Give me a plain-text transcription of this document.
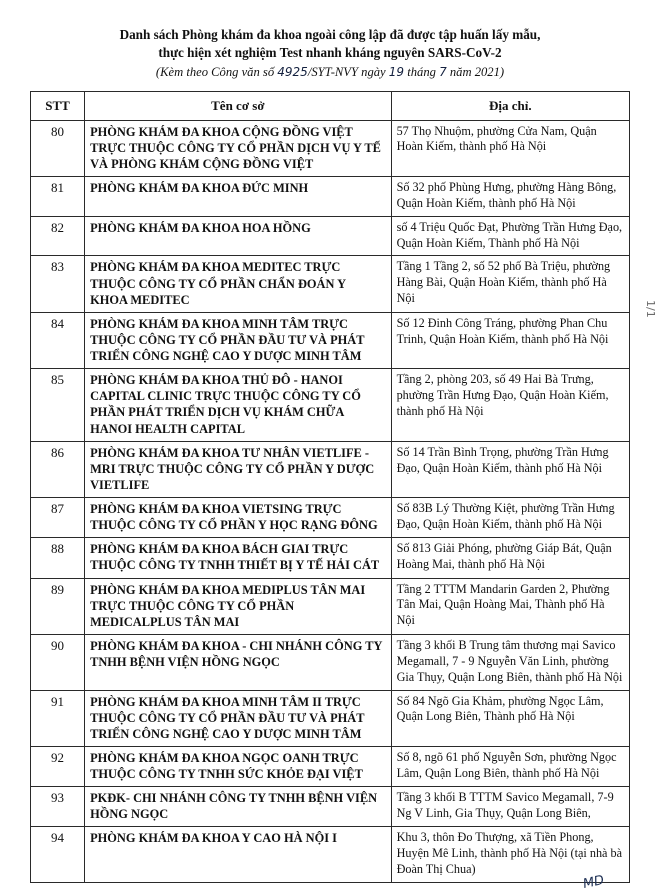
Danh sách Phòng khám đa khoa ngoài công lập đã được tập huấn lấy mẫu,
thực hiện xét nghiệm Test nhanh kháng nguyên SARS-CoV-2
(Kèm theo Công văn số 4925/SYT-NVY ngày 19 tháng 7 năm 2021)
STT	Tên cơ sở	Địa chỉ.
80	PHÒNG KHÁM ĐA KHOA CỘNG ĐỒNG VIỆT TRỰC THUỘC CÔNG TY CỔ PHẦN DỊCH VỤ Y TẾ VÀ PHÒNG KHÁM CỘNG ĐỒNG VIỆT	57 Thọ Nhuộm, phường Cửa Nam, Quận Hoàn Kiếm, thành phố Hà Nội
81	PHÒNG KHÁM ĐA KHOA ĐỨC MINH	Số 32 phố Phùng Hưng, phường Hàng Bông, Quận Hoàn Kiếm, thành phố Hà Nội
82	PHÒNG KHÁM ĐA KHOA HOA HỒNG	số 4 Triệu Quốc Đạt, Phường Trần Hưng Đạo, Quận Hoàn Kiếm, Thành phố Hà Nội
83	PHÒNG KHÁM ĐA KHOA MEDITEC TRỰC THUỘC CÔNG TY CỔ PHẦN CHẨN ĐOÁN Y KHOA MEDITEC	Tầng 1 Tầng 2, số 52 phố Bà Triệu, phường Hàng Bài, Quận Hoàn Kiếm, thành phố Hà Nội
84	PHÒNG KHÁM ĐA KHOA MINH TÂM TRỰC THUỘC CÔNG TY CỔ PHẦN ĐẦU TƯ VÀ PHÁT TRIỂN CÔNG NGHỆ CAO Y DƯỢC MINH TÂM	Số 12 Đinh Công Tráng, phường Phan Chu Trinh, Quận Hoàn Kiếm, thành phố Hà Nội
85	PHÒNG KHÁM ĐA KHOA THỦ ĐÔ - HANOI CAPITAL CLINIC TRỰC THUỘC CÔNG TY CỔ PHẦN PHÁT TRIỂN DỊCH VỤ KHÁM CHỮA HANOI HEALTH CAPITAL	Tầng 2, phòng 203, số 49 Hai Bà Trưng, phường Trần Hưng Đạo, Quận Hoàn Kiếm, thành phố Hà Nội
86	PHÒNG KHÁM ĐA KHOA TƯ NHÂN VIETLIFE - MRI TRỰC THUỘC CÔNG TY CỔ PHẦN Y DƯỢC VIETLIFE	Số 14 Trần Bình Trọng, phường Trần Hưng Đạo, Quận Hoàn Kiếm, thành phố Hà Nội
87	PHÒNG KHÁM ĐA KHOA VIETSING TRỰC THUỘC CÔNG TY CỔ PHẦN Y HỌC RẠNG ĐÔNG	Số 83B Lý Thường Kiệt, phường Trần Hưng Đạo, Quận Hoàn Kiếm, thành phố Hà Nội
88	PHÒNG KHÁM ĐA KHOA BÁCH GIAI TRỰC THUỘC CÔNG TY TNHH THIẾT BỊ Y TẾ HẢI CÁT	Số 813 Giải Phóng, phường Giáp Bát, Quận Hoàng Mai, thành phố Hà Nội
89	PHÒNG KHÁM ĐA KHOA MEDIPLUS TÂN MAI TRỰC THUỘC CÔNG TY CỔ PHẦN MEDICALPLUS TÂN MAI	Tầng 2 TTTM Mandarin Garden 2, Phường Tân Mai, Quận Hoàng Mai, Thành phố Hà Nội
90	PHÒNG KHÁM ĐA KHOA - CHI NHÁNH CÔNG TY TNHH BỆNH VIỆN HỒNG NGỌC	Tầng 3 khối B Trung tâm thương mại Savico Megamall, 7 - 9 Nguyễn Văn Linh, phường Gia Thụy, Quận Long Biên, thành phố Hà Nội
91	PHÒNG KHÁM ĐA KHOA MINH TÂM II TRỰC THUỘC CÔNG TY CỔ PHẦN ĐẦU TƯ VÀ PHÁT TRIỂN CÔNG NGHỆ CAO Y DƯỢC MINH TÂM	Số 84 Ngõ Gia Khảm, phường Ngọc Lâm, Quận Long Biên, Thành phố Hà Nội
92	PHÒNG KHÁM ĐA KHOA NGỌC OANH TRỰC THUỘC CÔNG TY TNHH SỨC KHỎE ĐẠI VIỆT	Số 8, ngõ 61 phố Nguyễn Sơn, phường Ngọc Lâm, Quận Long Biên, thành phố Hà Nội
93	PKĐK- CHI NHÁNH CÔNG TY TNHH BỆNH VIỆN HỒNG NGỌC	Tầng 3 khối B TTTM Savico Megamall, 7-9 Ng V Linh, Gia Thụy, Quận Long Biên,
94	PHÒNG KHÁM ĐA KHOA Y CAO HÀ NỘI I	Khu 3, thôn Đo Thượng, xã Tiền Phong, Huyện Mê Linh, thành phố Hà Nội (tại nhà bà Đoàn Thị Chua)
1/1
MD
